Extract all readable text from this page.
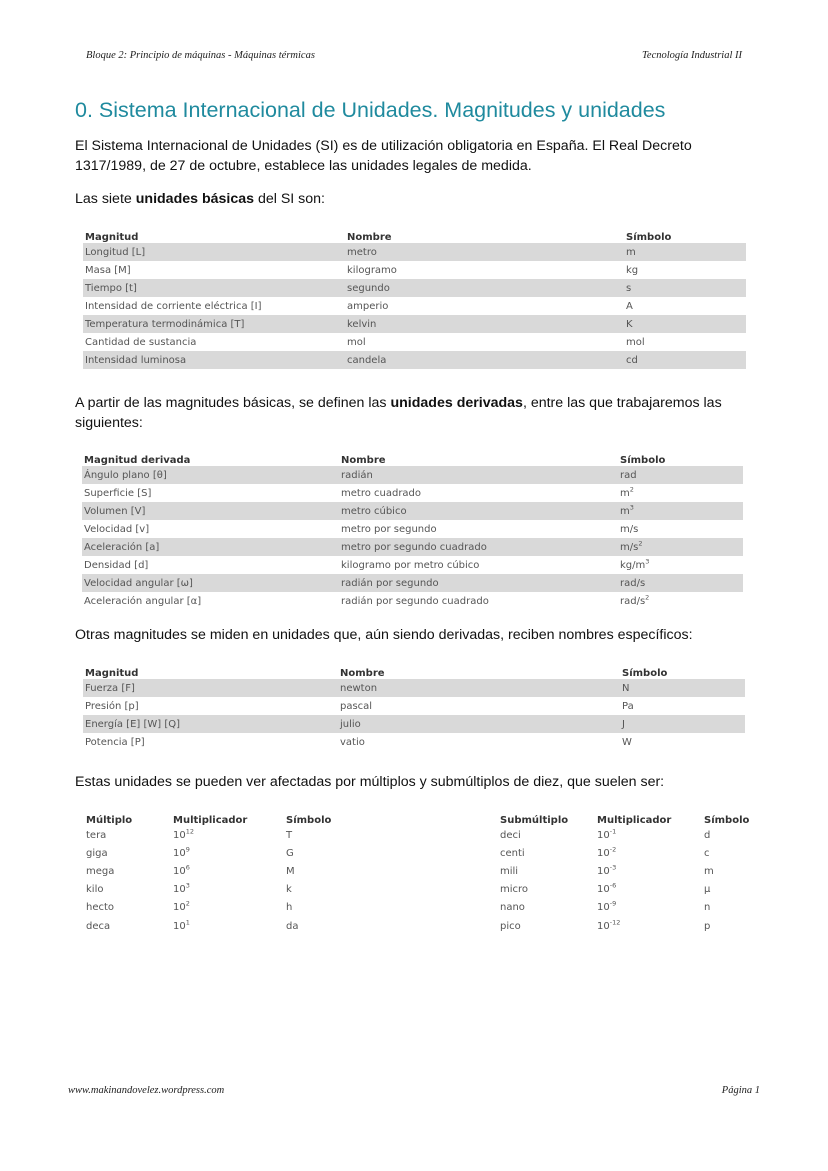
Bloque 2: Principio de máquinas - Máquinas térmicas	Tecnología Industrial II
0. Sistema Internacional de Unidades. Magnitudes y unidades

El Sistema Internacional de Unidades (SI) es de utilización obligatoria en España. El Real Decreto 1317/1989, de 27 de octubre, establece las unidades legales de medida.

Las siete unidades básicas del SI son:

Magnitud	Nombre	Símbolo
Longitud [L]	metro	m
Masa [M]	kilogramo	kg
Tiempo [t]	segundo	s
Intensidad de corriente eléctrica [I]	amperio	A
Temperatura termodinámica [T]	kelvin	K
Cantidad de sustancia	mol	mol
Intensidad luminosa	candela	cd

A partir de las magnitudes básicas, se definen las unidades derivadas, entre las que trabajaremos las siguientes:

Magnitud derivada	Nombre	Símbolo
Ángulo plano [θ]	radián	rad
Superficie [S]	metro cuadrado	$m^2$
Volumen [V]	metro cúbico	$m^3$
Velocidad [v]	metro por segundo	m/s
Aceleración [a]	metro por segundo cuadrado	$m/s^2$
Densidad [d]	kilogramo por metro cúbico	$kg/m^3$
Velocidad angular [ω]	radián por segundo	rad/s
Aceleración angular [α]	radián por segundo cuadrado	rad/$s^2$

Otras magnitudes se miden en unidades que, aún siendo derivadas, reciben nombres específicos:

Magnitud	Nombre	Símbolo
Fuerza [F]	newton	N
Presión [p]	pascal	Pa
Energía [E] [W] [Q]	julio	J
Potencia [P]	vatio	W

Estas unidades se pueden ver afectadas por múltiplos y submúltiplos de diez, que suelen ser:

Múltiplo	Multiplicador	Símbolo
tera	$10^{12}$	T
giga	$10^9$	G
mega	$10^6$	M
kilo	$10^3$	k
hecto	$10^2$	h
deca	$10^1$	da
Submúltiplo	Multiplicador	Símbolo
deci	$10^{-1}$	d
centi	$10^{-2}$	c
mili	$10^{-3}$	m
micro	$10^{-6}$	μ
nano	$10^{-9}$	n
pico	$10^{-12}$	p
www.makinandovelez.wordpress.com	Página 1
